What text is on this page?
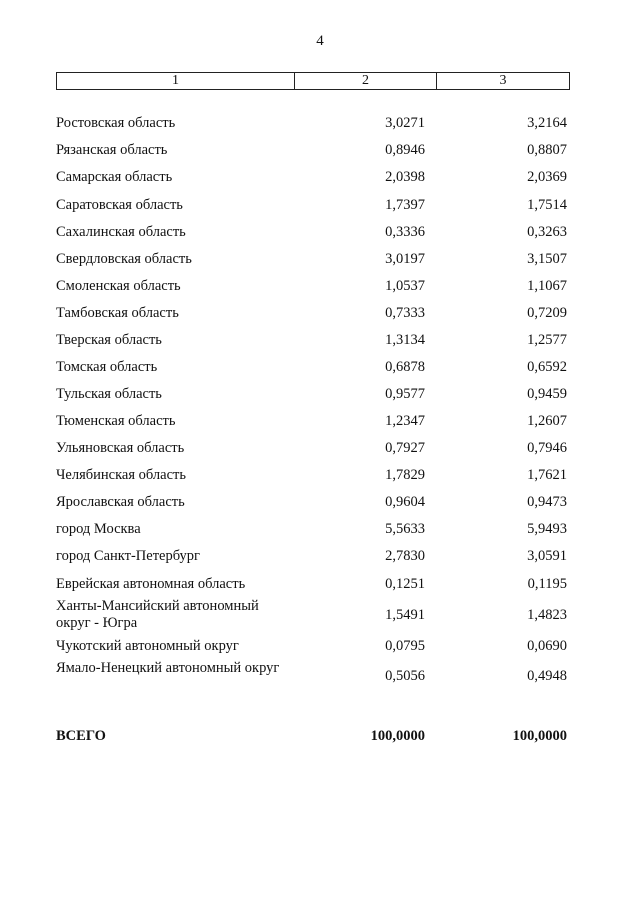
4
1	2	3
Ростовская область	3,0271	3,2164
Рязанская область	0,8946	0,8807
Самарская область	2,0398	2,0369
Саратовская область	1,7397	1,7514
Сахалинская область	0,3336	0,3263
Свердловская область	3,0197	3,1507
Смоленская область	1,0537	1,1067
Тамбовская область	0,7333	0,7209
Тверская область	1,3134	1,2577
Томская область	0,6878	0,6592
Тульская область	0,9577	0,9459
Тюменская область	1,2347	1,2607
Ульяновская область	0,7927	0,7946
Челябинская область	1,7829	1,7621
Ярославская область	0,9604	0,9473
город Москва	5,5633	5,9493
город Санкт-Петербург	2,7830	3,0591
Еврейская автономная область	0,1251	0,1195
Ханты-Мансийский автономный округ - Югра	1,5491	1,4823
Чукотский автономный округ	0,0795	0,0690
Ямало-Ненецкий автономный округ	0,5056	0,4948
ВСЕГО	100,0000	100,0000
